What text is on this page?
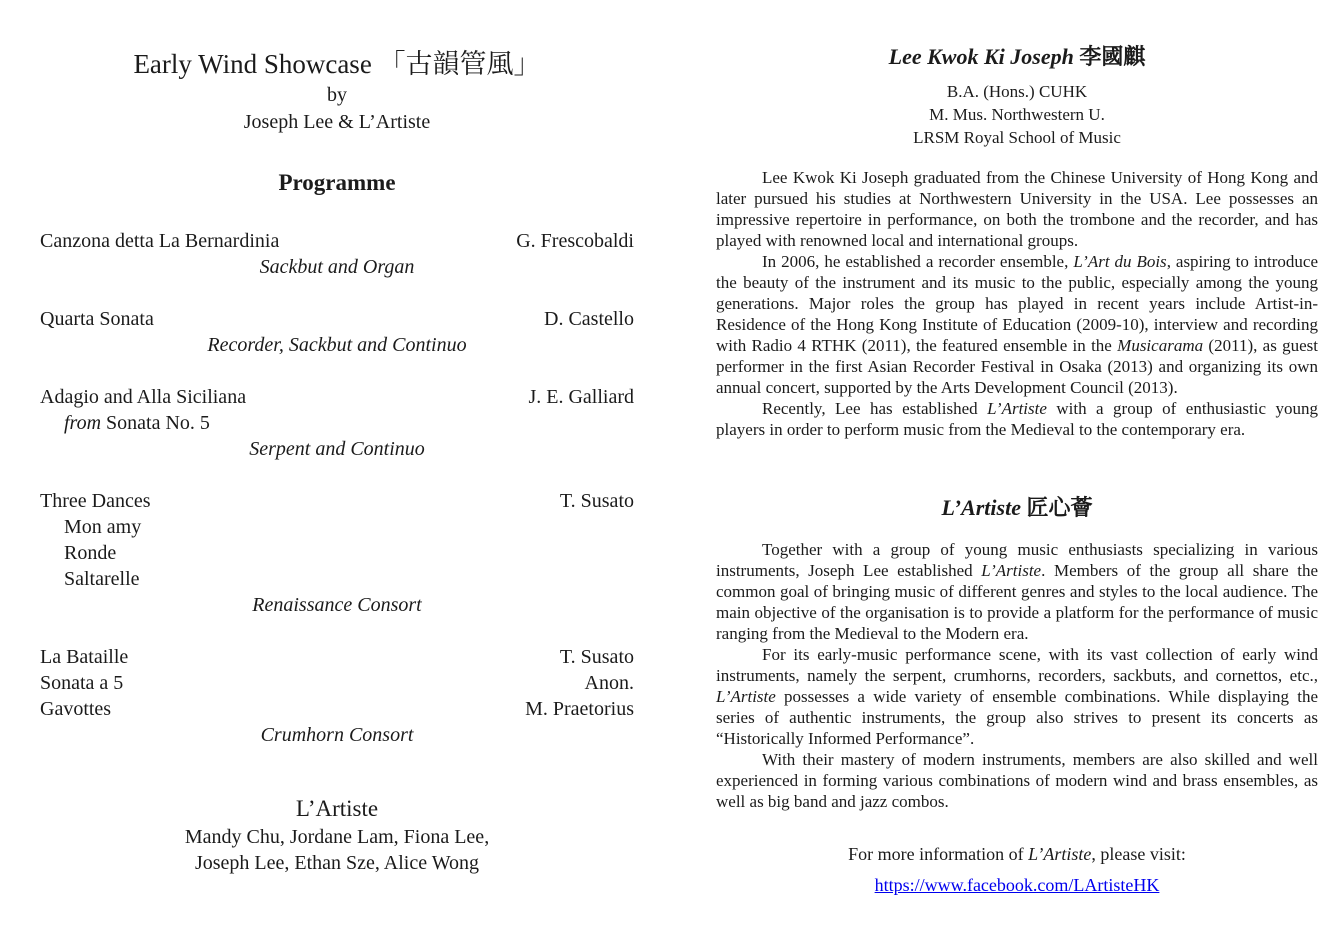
Early Wind Showcase 「古韻管風」
by
Joseph Lee & L’Artiste
Programme
Canzona detta La Bernardinia	G. Frescobaldi
Sackbut and Organ
Quarta Sonata	D. Castello
Recorder, Sackbut and Continuo
Adagio and Alla Siciliana	J. E. Galliard
from Sonata No. 5
Serpent and Continuo
Three Dances	T. Susato
Mon amy
Ronde
Saltarelle
Renaissance Consort
La Bataille	T. Susato
Sonata a 5	Anon.
Gavottes	M. Praetorius
Crumhorn Consort
L’Artiste
Mandy Chu, Jordane Lam, Fiona Lee,
Joseph Lee, Ethan Sze, Alice Wong
Lee Kwok Ki Joseph 李國麒
B.A. (Hons.) CUHK
M. Mus. Northwestern U.
LRSM Royal School of Music

Lee Kwok Ki Joseph graduated from the Chinese University of Hong Kong and later pursued his studies at Northwestern University in the USA. Lee possesses an impressive repertoire in performance, on both the trombone and the recorder, and has played with renowned local and international groups.

In 2006, he established a recorder ensemble, L’Art du Bois, aspiring to introduce the beauty of the instrument and its music to the public, especially among the young generations. Major roles the group has played in recent years include Artist-in-Residence of the Hong Kong Institute of Education (2009-10), interview and recording with Radio 4 RTHK (2011), the featured ensemble in the Musicarama (2011), as guest performer in the first Asian Recorder Festival in Osaka (2013) and organizing its own annual concert, supported by the Arts Development Council (2013).

Recently, Lee has established L’Artiste with a group of enthusiastic young players in order to perform music from the Medieval to the contemporary era.

L’Artiste 匠心薈

Together with a group of young music enthusiasts specializing in various instruments, Joseph Lee established L’Artiste. Members of the group all share the common goal of bringing music of different genres and styles to the local audience. The main objective of the organisation is to provide a platform for the performance of music ranging from the Medieval to the Modern era.

For its early-music performance scene, with its vast collection of early wind instruments, namely the serpent, crumhorns, recorders, sackbuts, and cornettos, etc., L’Artiste possesses a wide variety of ensemble combinations. While displaying the series of authentic instruments, the group also strives to present its concerts as “Historically Informed Performance”.

With their mastery of modern instruments, members are also skilled and well experienced in forming various combinations of modern wind and brass ensembles, as well as big band and jazz combos.

For more information of L’Artiste, please visit:
https://www.facebook.com/LArtisteHK
